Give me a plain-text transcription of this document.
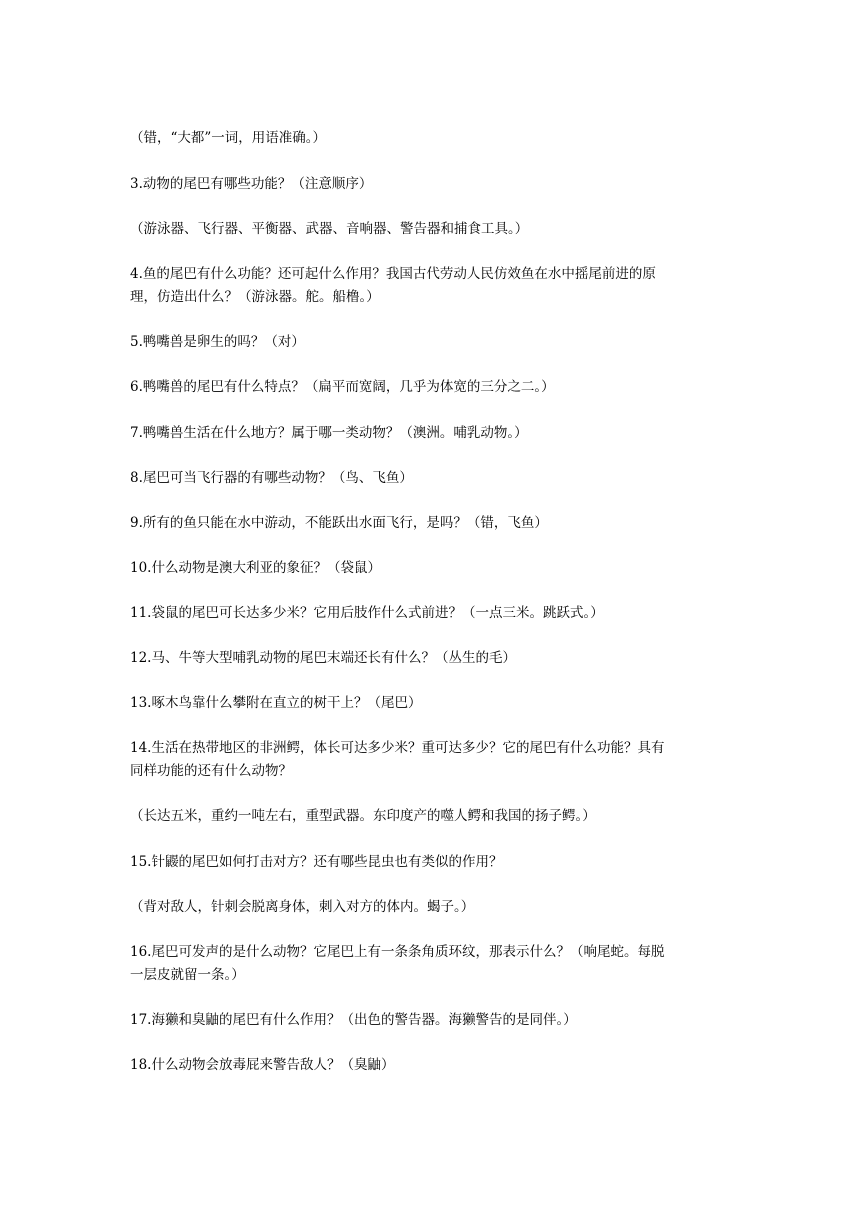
（错，“大都”一词，用语准确。）
3.动物的尾巴有哪些功能？（注意顺序）
（游泳器、飞行器、平衡器、武器、音响器、警告器和捕食工具。）
4.鱼的尾巴有什么功能？还可起什么作用？我国古代劳动人民仿效鱼在水中摇尾前进的原
理，仿造出什么？（游泳器。舵。船橹。）
5.鸭嘴兽是卵生的吗？（对）
6.鸭嘴兽的尾巴有什么特点？（扁平而宽阔，几乎为体宽的三分之二。）
7.鸭嘴兽生活在什么地方？属于哪一类动物？（澳洲。哺乳动物。）
8.尾巴可当飞行器的有哪些动物？（鸟、飞鱼）
9.所有的鱼只能在水中游动，不能跃出水面飞行，是吗？（错，飞鱼）
10.什么动物是澳大利亚的象征？（袋鼠）
11.袋鼠的尾巴可长达多少米？它用后肢作什么式前进？（一点三米。跳跃式。）
12.马、牛等大型哺乳动物的尾巴末端还长有什么？（丛生的毛）
13.啄木鸟靠什么攀附在直立的树干上？（尾巴）
14.生活在热带地区的非洲鳄，体长可达多少米？重可达多少？它的尾巴有什么功能？具有
同样功能的还有什么动物？
（长达五米，重约一吨左右，重型武器。东印度产的噬人鳄和我国的扬子鳄。）
15.针鼹的尾巴如何打击对方？还有哪些昆虫也有类似的作用？
（背对敌人，针刺会脱离身体，刺入对方的体内。蝎子。）
16.尾巴可发声的是什么动物？它尾巴上有一条条角质环纹，那表示什么？（响尾蛇。每脱
一层皮就留一条。）
17.海獭和臭鼬的尾巴有什么作用？（出色的警告器。海獭警告的是同伴。）
18.什么动物会放毒屁来警告敌人？（臭鼬）
